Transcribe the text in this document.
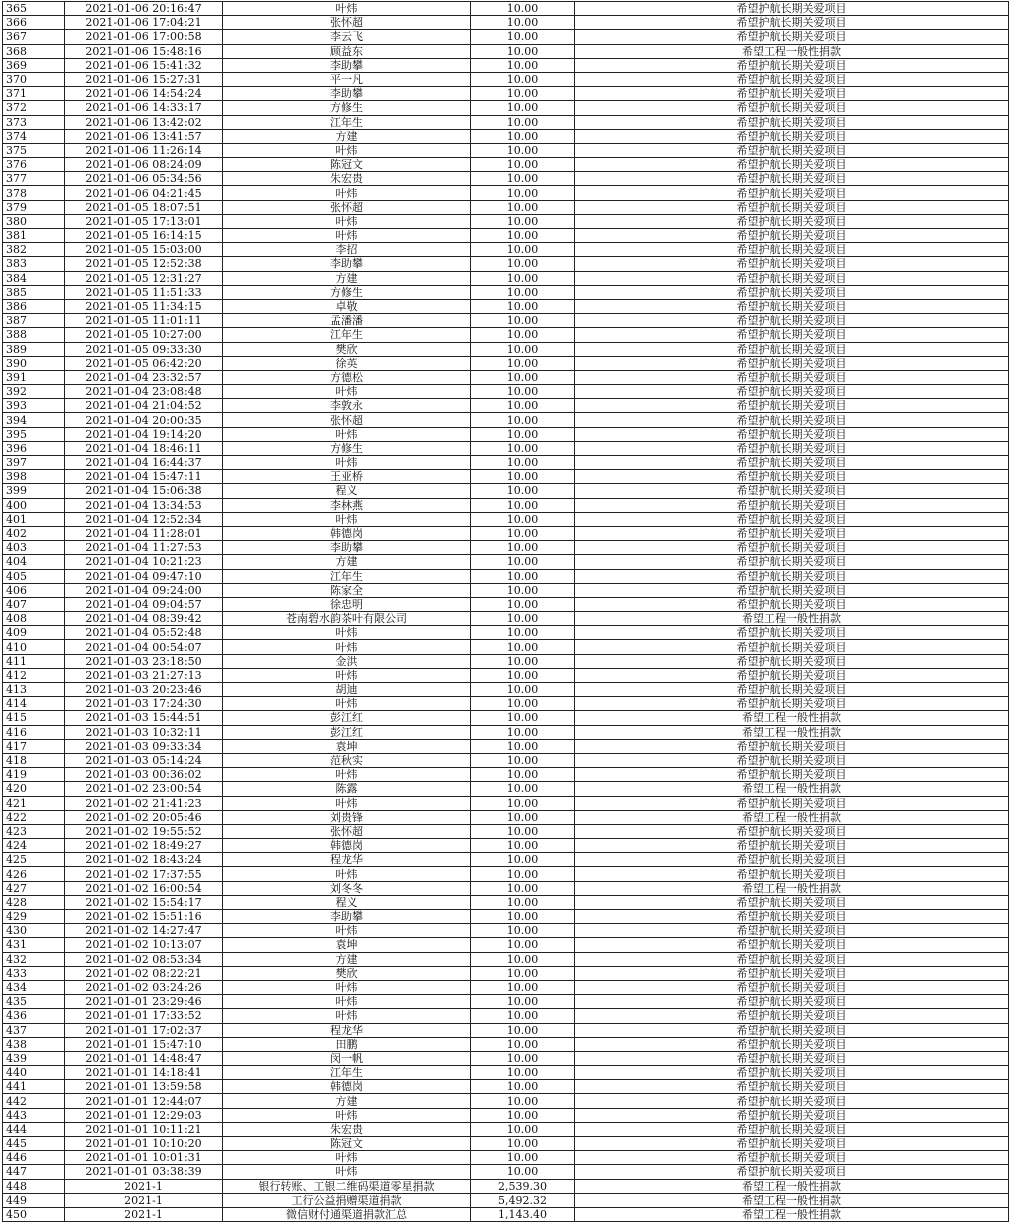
365	2021-01-06 20:16:47	叶炜	10.00	希望护航长期关爱项目
366	2021-01-06 17:04:21	张怀超	10.00	希望护航长期关爱项目
367	2021-01-06 17:00:58	李云飞	10.00	希望护航长期关爱项目
368	2021-01-06 15:48:16	顾益东	10.00	希望工程一般性捐款
369	2021-01-06 15:41:32	李助攀	10.00	希望护航长期关爱项目
370	2021-01-06 15:27:31	平一凡	10.00	希望护航长期关爱项目
371	2021-01-06 14:54:24	李助攀	10.00	希望护航长期关爱项目
372	2021-01-06 14:33:17	方修生	10.00	希望护航长期关爱项目
373	2021-01-06 13:42:02	江年生	10.00	希望护航长期关爱项目
374	2021-01-06 13:41:57	方建	10.00	希望护航长期关爱项目
375	2021-01-06 11:26:14	叶炜	10.00	希望护航长期关爱项目
376	2021-01-06 08:24:09	陈冠文	10.00	希望护航长期关爱项目
377	2021-01-06 05:34:56	朱宏贵	10.00	希望护航长期关爱项目
378	2021-01-06 04:21:45	叶炜	10.00	希望护航长期关爱项目
379	2021-01-05 18:07:51	张怀超	10.00	希望护航长期关爱项目
380	2021-01-05 17:13:01	叶炜	10.00	希望护航长期关爱项目
381	2021-01-05 16:14:15	叶炜	10.00	希望护航长期关爱项目
382	2021-01-05 15:03:00	李招	10.00	希望护航长期关爱项目
383	2021-01-05 12:52:38	李助攀	10.00	希望护航长期关爱项目
384	2021-01-05 12:31:27	方建	10.00	希望护航长期关爱项目
385	2021-01-05 11:51:33	方修生	10.00	希望护航长期关爱项目
386	2021-01-05 11:34:15	卓敬	10.00	希望护航长期关爱项目
387	2021-01-05 11:01:11	孟潘潘	10.00	希望护航长期关爱项目
388	2021-01-05 10:27:00	江年生	10.00	希望护航长期关爱项目
389	2021-01-05 09:33:30	樊欣	10.00	希望护航长期关爱项目
390	2021-01-05 06:42:20	徐英	10.00	希望护航长期关爱项目
391	2021-01-04 23:32:57	方德松	10.00	希望护航长期关爱项目
392	2021-01-04 23:08:48	叶炜	10.00	希望护航长期关爱项目
393	2021-01-04 21:04:52	李敦永	10.00	希望护航长期关爱项目
394	2021-01-04 20:00:35	张怀超	10.00	希望护航长期关爱项目
395	2021-01-04 19:14:20	叶炜	10.00	希望护航长期关爱项目
396	2021-01-04 18:46:11	方修生	10.00	希望护航长期关爱项目
397	2021-01-04 16:44:37	叶炜	10.00	希望护航长期关爱项目
398	2021-01-04 15:47:11	王亚桥	10.00	希望护航长期关爱项目
399	2021-01-04 15:06:38	程义	10.00	希望护航长期关爱项目
400	2021-01-04 13:34:53	李林燕	10.00	希望护航长期关爱项目
401	2021-01-04 12:52:34	叶炜	10.00	希望护航长期关爱项目
402	2021-01-04 11:28:01	韩德岗	10.00	希望护航长期关爱项目
403	2021-01-04 11:27:53	李助攀	10.00	希望护航长期关爱项目
404	2021-01-04 10:21:23	方建	10.00	希望护航长期关爱项目
405	2021-01-04 09:47:10	江年生	10.00	希望护航长期关爱项目
406	2021-01-04 09:24:00	陈家全	10.00	希望护航长期关爱项目
407	2021-01-04 09:04:57	徐忠明	10.00	希望护航长期关爱项目
408	2021-01-04 08:39:42	苍南碧水韵茶叶有限公司	10.00	希望工程一般性捐款
409	2021-01-04 05:52:48	叶炜	10.00	希望护航长期关爱项目
410	2021-01-04 00:54:07	叶炜	10.00	希望护航长期关爱项目
411	2021-01-03 23:18:50	金洪	10.00	希望护航长期关爱项目
412	2021-01-03 21:27:13	叶炜	10.00	希望护航长期关爱项目
413	2021-01-03 20:23:46	胡迪	10.00	希望护航长期关爱项目
414	2021-01-03 17:24:30	叶炜	10.00	希望护航长期关爱项目
415	2021-01-03 15:44:51	彭江红	10.00	希望工程一般性捐款
416	2021-01-03 10:32:11	彭江红	10.00	希望工程一般性捐款
417	2021-01-03 09:33:34	袁坤	10.00	希望护航长期关爱项目
418	2021-01-03 05:14:24	范秋实	10.00	希望护航长期关爱项目
419	2021-01-03 00:36:02	叶炜	10.00	希望护航长期关爱项目
420	2021-01-02 23:00:54	陈露	10.00	希望工程一般性捐款
421	2021-01-02 21:41:23	叶炜	10.00	希望护航长期关爱项目
422	2021-01-02 20:05:46	刘贵锋	10.00	希望工程一般性捐款
423	2021-01-02 19:55:52	张怀超	10.00	希望护航长期关爱项目
424	2021-01-02 18:49:27	韩德岗	10.00	希望护航长期关爱项目
425	2021-01-02 18:43:24	程龙华	10.00	希望护航长期关爱项目
426	2021-01-02 17:37:55	叶炜	10.00	希望护航长期关爱项目
427	2021-01-02 16:00:54	刘冬冬	10.00	希望工程一般性捐款
428	2021-01-02 15:54:17	程义	10.00	希望护航长期关爱项目
429	2021-01-02 15:51:16	李助攀	10.00	希望护航长期关爱项目
430	2021-01-02 14:27:47	叶炜	10.00	希望护航长期关爱项目
431	2021-01-02 10:13:07	袁坤	10.00	希望护航长期关爱项目
432	2021-01-02 08:53:34	方建	10.00	希望护航长期关爱项目
433	2021-01-02 08:22:21	樊欣	10.00	希望护航长期关爱项目
434	2021-01-02 03:24:26	叶炜	10.00	希望护航长期关爱项目
435	2021-01-01 23:29:46	叶炜	10.00	希望护航长期关爱项目
436	2021-01-01 17:33:52	叶炜	10.00	希望护航长期关爱项目
437	2021-01-01 17:02:37	程龙华	10.00	希望护航长期关爱项目
438	2021-01-01 15:47:10	田鹏	10.00	希望护航长期关爱项目
439	2021-01-01 14:48:47	闵一帆	10.00	希望护航长期关爱项目
440	2021-01-01 14:18:41	江年生	10.00	希望护航长期关爱项目
441	2021-01-01 13:59:58	韩德岗	10.00	希望护航长期关爱项目
442	2021-01-01 12:44:07	方建	10.00	希望护航长期关爱项目
443	2021-01-01 12:29:03	叶炜	10.00	希望护航长期关爱项目
444	2021-01-01 10:11:21	朱宏贵	10.00	希望护航长期关爱项目
445	2021-01-01 10:10:20	陈冠文	10.00	希望护航长期关爱项目
446	2021-01-01 10:01:31	叶炜	10.00	希望护航长期关爱项目
447	2021-01-01 03:38:39	叶炜	10.00	希望护航长期关爱项目
448	2021-1	银行转账、工银二维码渠道零星捐款	2,539.30	希望工程一般性捐款
449	2021-1	工行公益捐赠渠道捐款	5,492.32	希望工程一般性捐款
450	2021-1	微信财付通渠道捐款汇总	1,143.40	希望工程一般性捐款
